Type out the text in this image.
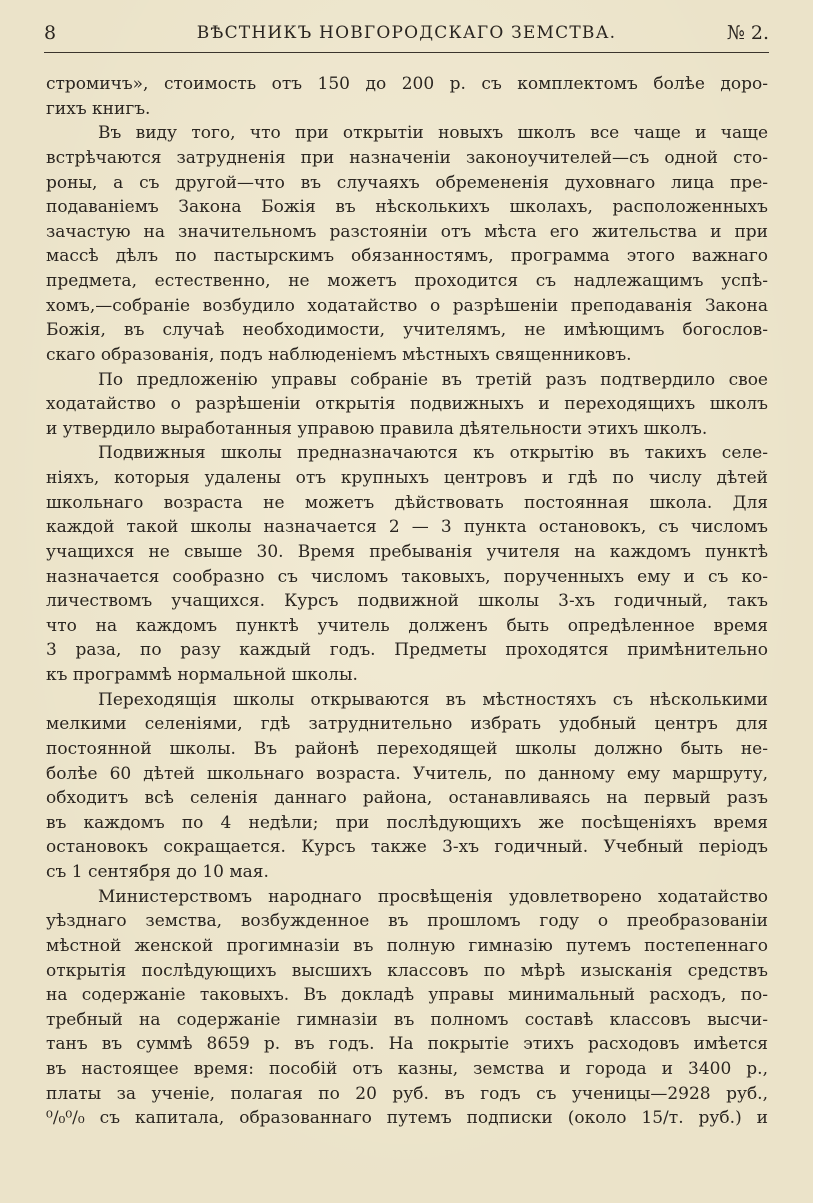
8	ВѢСТНИКЪ НОВГОРОДСКАГО ЗЕМСТВА.	№ 2.
стромичъ», стоимость отъ 150 до 200 р. съ комплектомъ болѣе доро-
гихъ книгъ.
Въ виду того, что при открытіи новыхъ школъ все чаще и чаще
встрѣчаются затрудненія при назначеніи законоучителей—съ одной сто-
роны, а съ другой—что въ случаяхъ обремененія духовнаго лица пре-
подаваніемъ Закона Божія въ нѣсколькихъ школахъ, расположенныхъ
зачастую на значительномъ разстояніи отъ мѣста его жительства и при
массѣ дѣлъ по пастырскимъ обязанностямъ, программа этого важнаго
предмета, естественно, не можетъ проходится съ надлежащимъ успѣ-
хомъ,—собраніе возбудило ходатайство о разрѣшеніи преподаванія Закона
Божія, въ случаѣ необходимости, учителямъ, не имѣющимъ богослов-
скаго образованія, подъ наблюденіемъ мѣстныхъ священниковъ.
По предложенію управы собраніе въ третій разъ подтвердило свое
ходатайство о разрѣшеніи открытія подвижныхъ и переходящихъ школъ
и утвердило выработанныя управою правила дѣятельности этихъ школъ.
Подвижныя школы предназначаются къ открытію въ такихъ селе-
ніяхъ, которыя удалены отъ крупныхъ центровъ и гдѣ по числу дѣтей
школьнаго возраста не можетъ дѣйствовать постоянная школа. Для
каждой такой школы назначается 2 — 3 пункта остановокъ, съ числомъ
учащихся не свыше 30. Время пребыванія учителя на каждомъ пунктѣ
назначается сообразно съ числомъ таковыхъ, порученныхъ ему и съ ко-
личествомъ учащихся. Курсъ подвижной школы 3-хъ годичный, такъ
что на каждомъ пунктѣ учитель долженъ быть опредѣленное время
3 раза, по разу каждый годъ. Предметы проходятся примѣнительно
къ программѣ нормальной школы.
Переходящія школы открываются въ мѣстностяхъ съ нѣсколькими
мелкими селеніями, гдѣ затруднительно избрать удобный центръ для
постоянной школы. Въ районѣ переходящей школы должно быть не-
болѣе 60 дѣтей школьнаго возраста. Учитель, по данному ему маршруту,
обходитъ всѣ селенія даннаго района, останавливаясь на первый разъ
въ каждомъ по 4 недѣли; при послѣдующихъ же посѣщеніяхъ время
остановокъ сокращается. Курсъ также 3-хъ годичный. Учебный періодъ
съ 1 сентября до 10 мая.
Министерствомъ народнаго просвѣщенія удовлетворено ходатайство
уѣзднаго земства, возбужденное въ прошломъ году о преобразованіи
мѣстной женской прогимназіи въ полную гимназію путемъ постепеннаго
открытія послѣдующихъ высшихъ классовъ по мѣрѣ изысканія средствъ
на содержаніе таковыхъ. Въ докладѣ управы минимальный расходъ, по-
требный на содержаніе гимназіи въ полномъ составѣ классовъ высчи-
танъ въ суммѣ 8659 р. въ годъ. На покрытіе этихъ расходовъ имѣется
въ настоящее время: пособій отъ казны, земства и города и 3400 р.,
платы за ученіе, полагая по 20 руб. въ годъ съ ученицы—2928 руб.,
⁰/₀⁰/₀ съ капитала, образованнаго путемъ подписки (около 15/т. руб.) и
